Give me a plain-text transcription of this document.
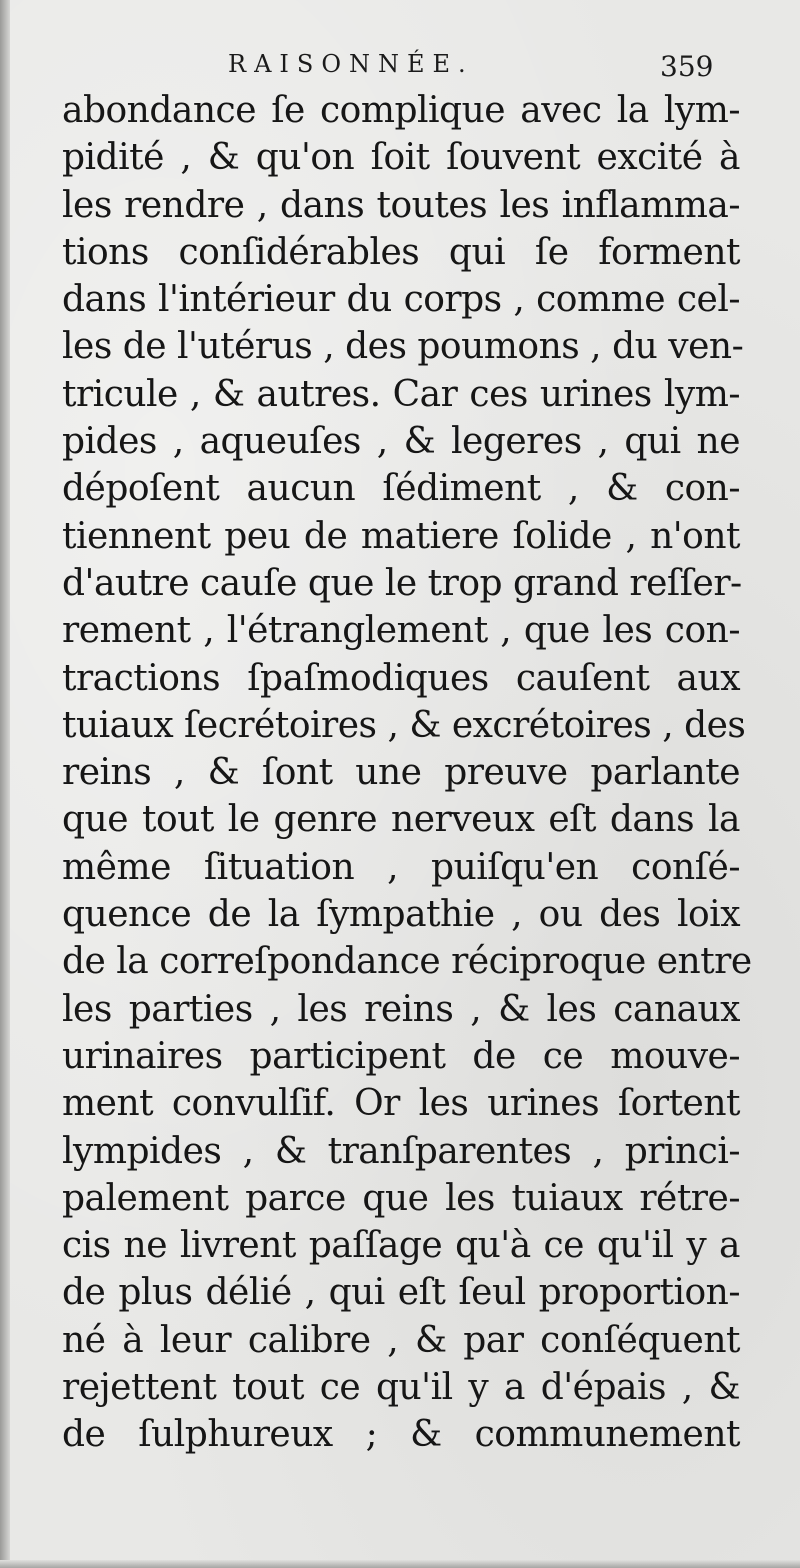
RAISONNÉE.	359
abondance ſe complique avec la lym-
pidité , & qu'on ſoit ſouvent excité à
les rendre , dans toutes les inflamma-
tions conſidérables qui ſe forment
dans l'intérieur du corps , comme cel-
les de l'utérus , des poumons , du ven-
tricule , & autres. Car ces urines lym-
pides , aqueuſes , & legeres , qui ne
dépoſent aucun ſédiment , & con-
tiennent peu de matiere ſolide , n'ont
d'autre cauſe que le trop grand reſſer-
rement , l'étranglement , que les con-
tractions ſpaſmodiques cauſent aux
tuiaux ſecrétoires , & excrétoires , des
reins , & ſont une preuve parlante
que tout le genre nerveux eſt dans la
même ſituation , puiſqu'en conſé-
quence de la ſympathie , ou des loix
de la correſpondance réciproque entre
les parties , les reins , & les canaux
urinaires participent de ce mouve-
ment convulſif. Or les urines ſortent
lympides , & tranſparentes , princi-
palement parce que les tuiaux rétre-
cis ne livrent paſſage qu'à ce qu'il y a
de plus délié , qui eſt ſeul proportion-
né à leur calibre , & par conſéquent
rejettent tout ce qu'il y a d'épais , &
de ſulphureux ; & communement
